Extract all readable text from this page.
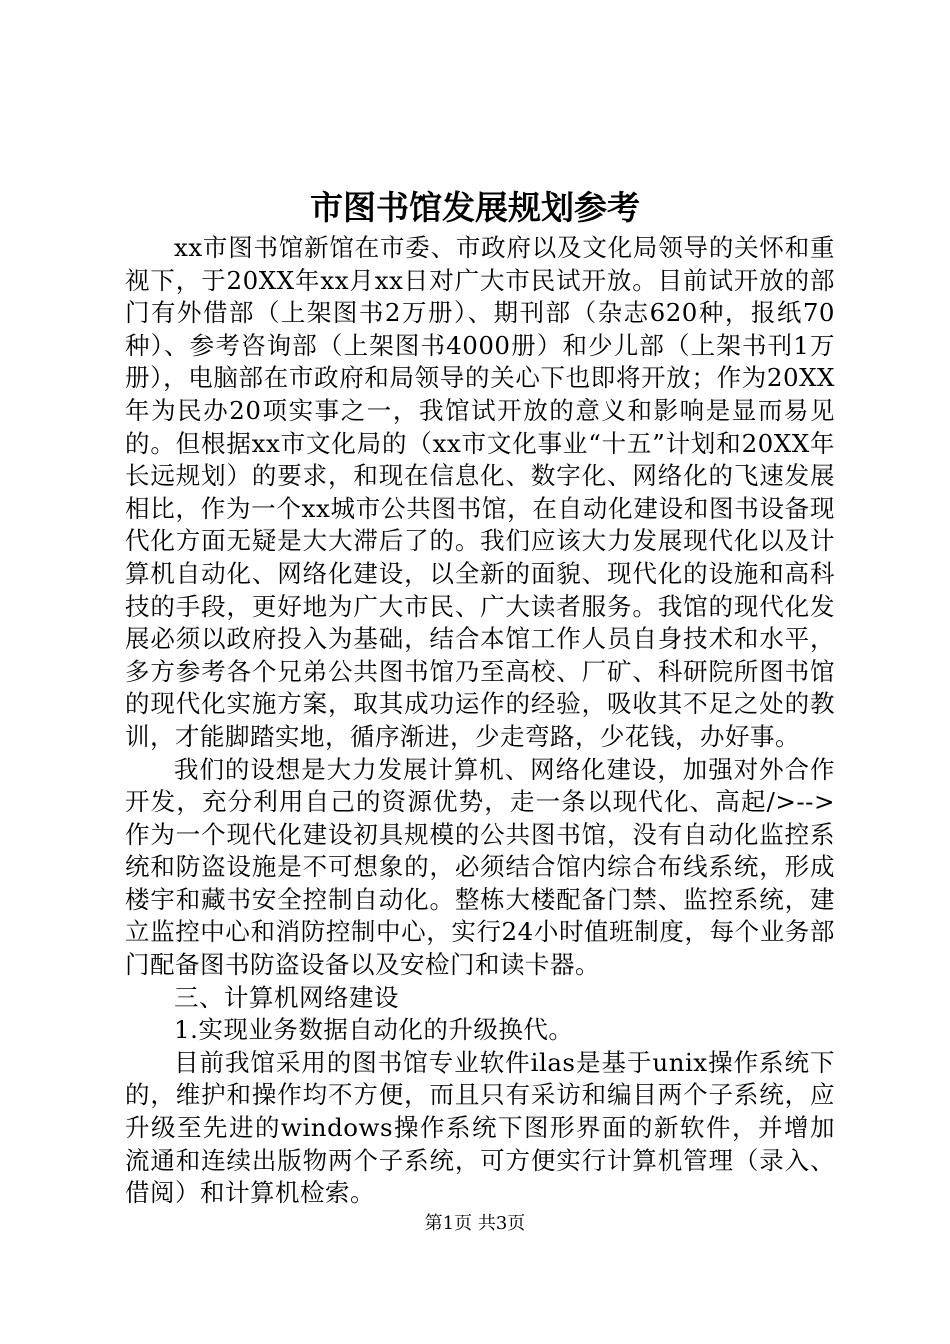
市图书馆发展规划参考

xx市图书馆新馆在市委、市政府以及文化局领导的关怀和重视下，于20XX年xx月xx日对广大市民试开放。目前试开放的部门有外借部（上架图书2万册）、期刊部（杂志620种，报纸70种）、参考咨询部（上架图书4000册）和少儿部（上架书刊1万册），电脑部在市政府和局领导的关心下也即将开放；作为20XX年为民办20项实事之一，我馆试开放的意义和影响是显而易见的。但根据xx市文化局的（xx市文化事业“十五”计划和20XX年长远规划）的要求，和现在信息化、数字化、网络化的飞速发展相比，作为一个xx城市公共图书馆，在自动化建设和图书设备现代化方面无疑是大大滞后了的。我们应该大力发展现代化以及计算机自动化、网络化建设，以全新的面貌、现代化的设施和高科技的手段，更好地为广大市民、广大读者服务。我馆的现代化发展必须以政府投入为基础，结合本馆工作人员自身技术和水平，多方参考各个兄弟公共图书馆乃至高校、厂矿、科研院所图书馆的现代化实施方案，取其成功运作的经验，吸收其不足之处的教训，才能脚踏实地，循序渐进，少走弯路，少花钱，办好事。

我们的设想是大力发展计算机、网络化建设，加强对外合作开发，充分利用自己的资源优势，走一条以现代化、高起/>-->作为一个现代化建设初具规模的公共图书馆，没有自动化监控系统和防盗设施是不可想象的，必须结合馆内综合布线系统，形成楼宇和藏书安全控制自动化。整栋大楼配备门禁、监控系统，建立监控中心和消防控制中心，实行24小时值班制度，每个业务部门配备图书防盗设备以及安检门和读卡器。

三、计算机网络建设

1.实现业务数据自动化的升级换代。

目前我馆采用的图书馆专业软件ilas是基于unix操作系统下的，维护和操作均不方便，而且只有采访和编目两个子系统，应升级至先进的windows操作系统下图形界面的新软件，并增加流通和连续出版物两个子系统，可方便实行计算机管理（录入、借阅）和计算机检索。

第1页 共3页
